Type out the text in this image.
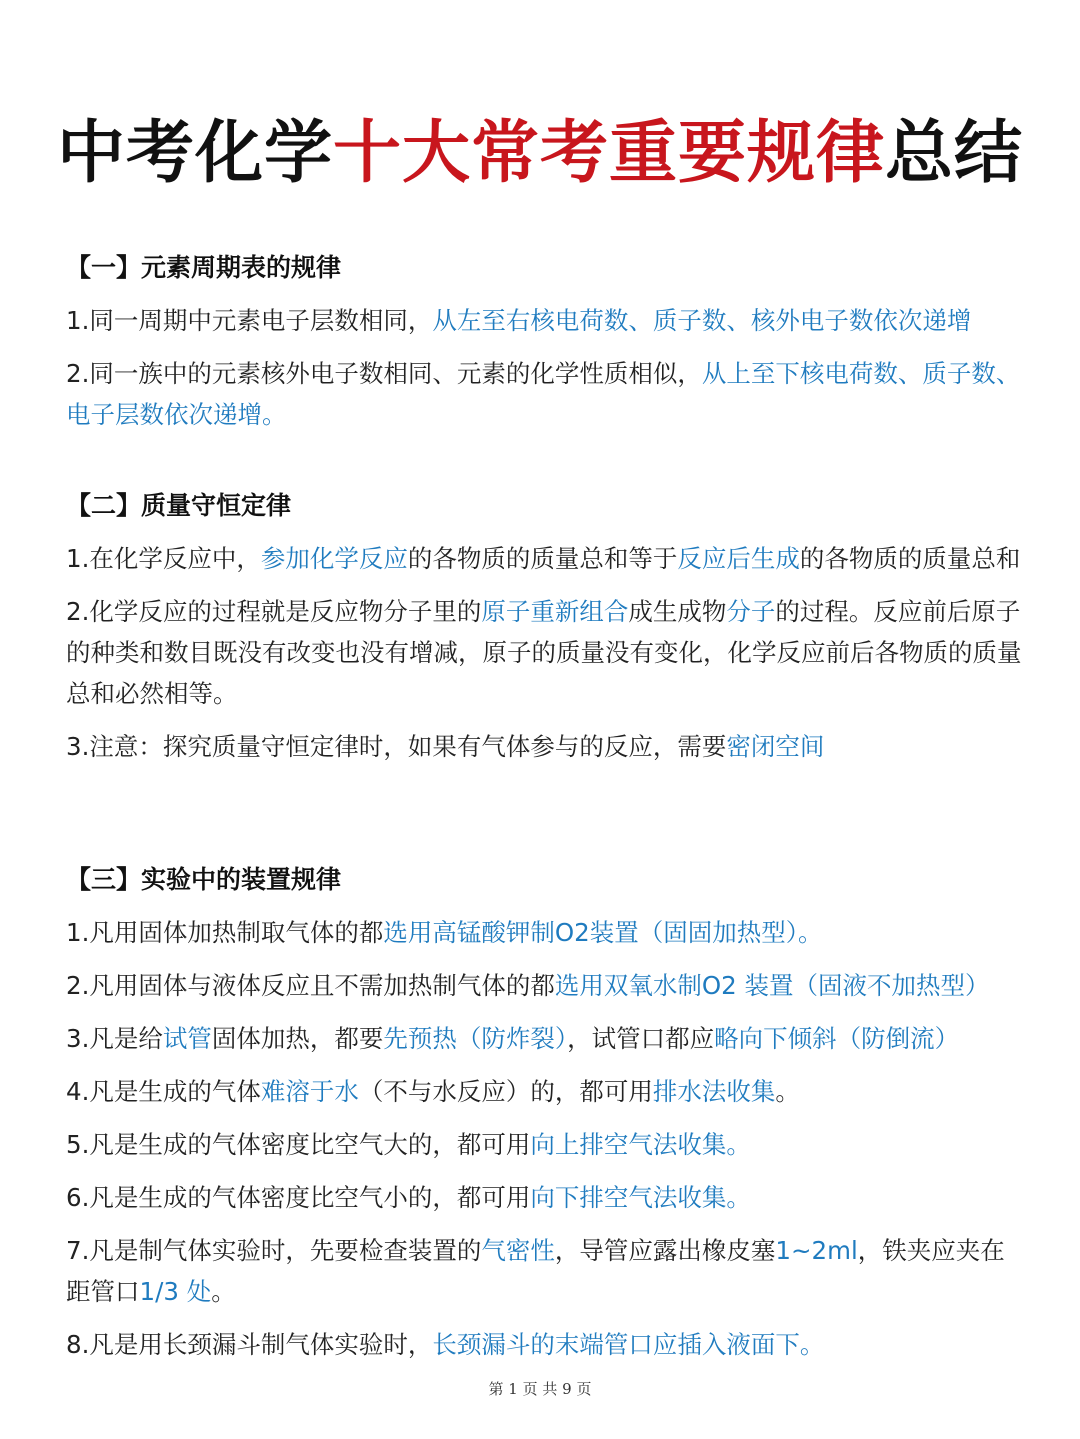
中考化学十大常考重要规律总结
【一】元素周期表的规律
1.同一周期中元素电子层数相同，从左至右核电荷数、质子数、核外电子数依次递增
2.同一族中的元素核外电子数相同、元素的化学性质相似，从上至下核电荷数、质子数、电子层数依次递增。
【二】质量守恒定律
1.在化学反应中，参加化学反应的各物质的质量总和等于反应后生成的各物质的质量总和
2.化学反应的过程就是反应物分子里的原子重新组合成生成物分子的过程。反应前后原子的种类和数目既没有改变也没有增减，原子的质量没有变化，化学反应前后各物质的质量总和必然相等。
3.注意：探究质量守恒定律时，如果有气体参与的反应，需要密闭空间
【三】实验中的装置规律
1.凡用固体加热制取气体的都选用高锰酸钾制O2装置（固固加热型）。
2.凡用固体与液体反应且不需加热制气体的都选用双氧水制O2 装置（固液不加热型）
3.凡是给试管固体加热，都要先预热（防炸裂），试管口都应略向下倾斜（防倒流）
4.凡是生成的气体难溶于水（不与水反应）的，都可用排水法收集。
5.凡是生成的气体密度比空气大的，都可用向上排空气法收集。
6.凡是生成的气体密度比空气小的，都可用向下排空气法收集。
7.凡是制气体实验时，先要检查装置的气密性，导管应露出橡皮塞1~2ml，铁夹应夹在距管口1/3 处。
8.凡是用长颈漏斗制气体实验时，长颈漏斗的末端管口应插入液面下。
第 1 页 共 9 页
